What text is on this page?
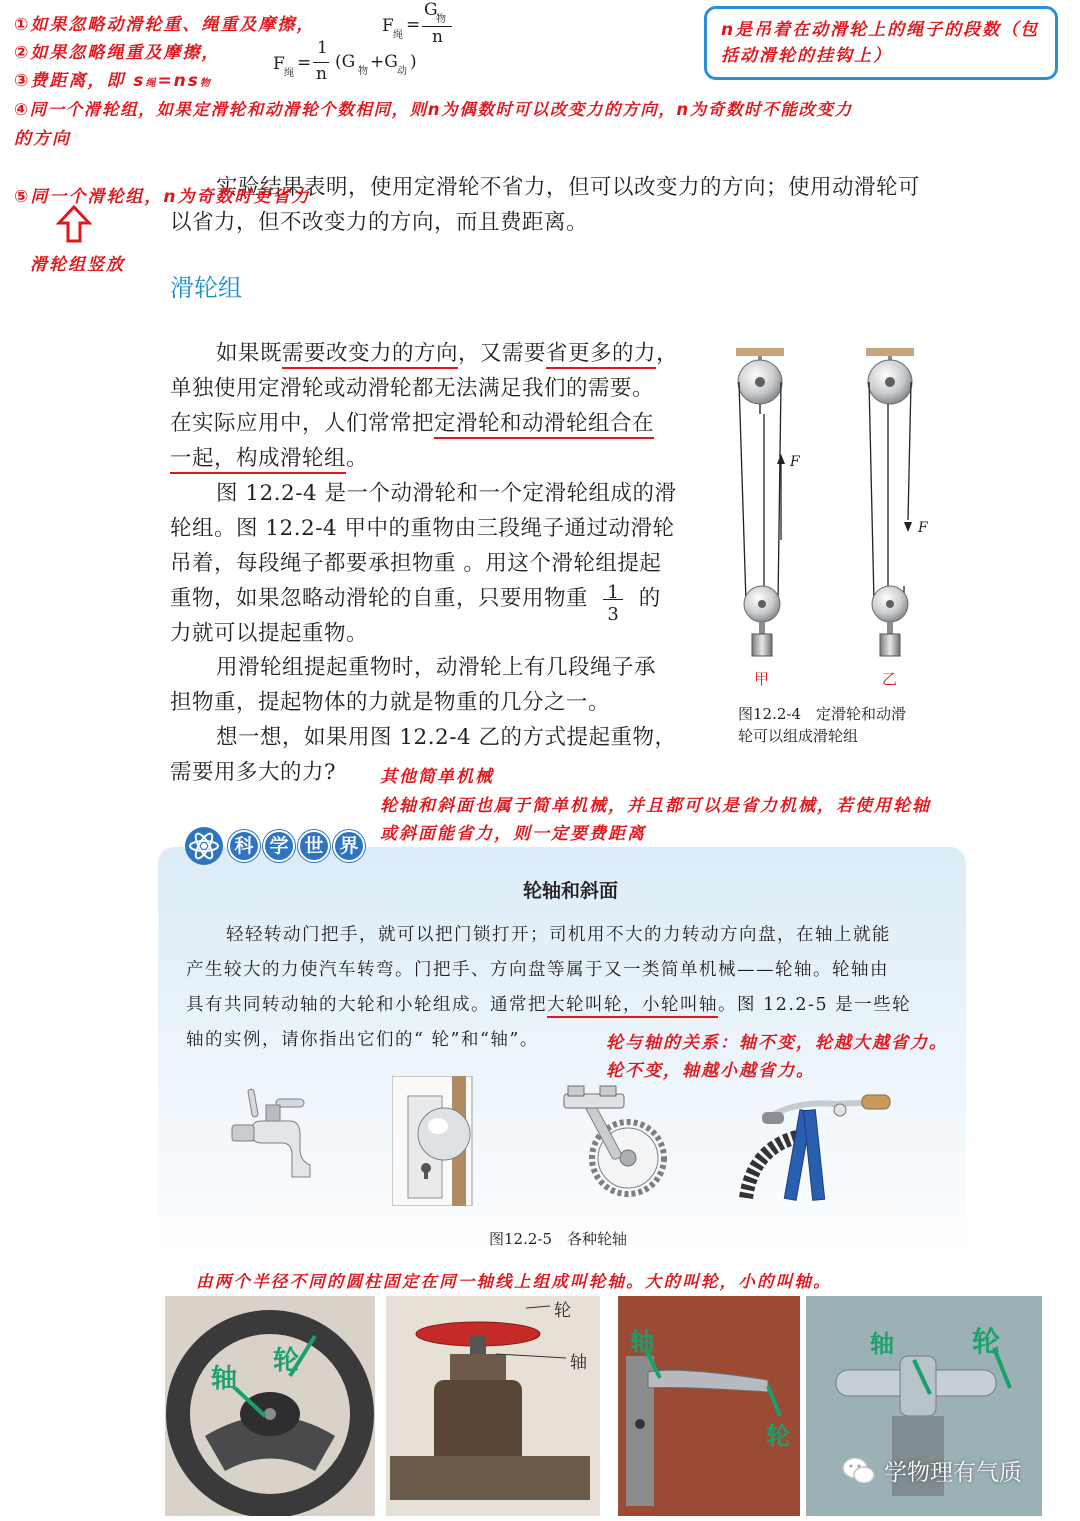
①如果忽略动滑轮重、绳重及摩擦，	F 绳
=
G
物
n
②如果忽略绳重及摩擦，
③费距离，即 s绳=ns物
F 绳
=
1
n
(G 物 +G 动 )
④同一个滑轮组，如果定滑轮和动滑轮个数相同，则n为偶数时可以改变力的方向，n为奇数时不能改变力
的方向
n是吊着在动滑轮上的绳子的段数（包括动滑轮的挂钩上）
实验结果表明，使用定滑轮不省力，但可以改变力的方向；使用动滑轮可
以省力，但不改变力的方向，而且费距离。
⑤同一个滑轮组，n为奇数时更省力
滑轮组竖放
滑轮组
如果既需要改变力的方向，又需要省更多的力，
单独使用定滑轮或动滑轮都无法满足我们的需要。
在实际应用中，人们常常把定滑轮和动滑轮组合在
一起，构成滑轮组。
图 12.2-4 是一个动滑轮和一个定滑轮组成的滑
轮组。图 12.2-4 甲中的重物由三段绳子通过动滑轮
吊着，每段绳子都要承担物重 。用这个滑轮组提起
重物，如果忽略动滑轮的自重，只要用物重 1
3
的
力就可以提起重物。
用滑轮组提起重物时，动滑轮上有几段绳子承
担物重，提起物体的力就是物重的几分之一。
想一想，如果用图 12.2-4 乙的方式提起重物，
需要用多大的力?
F
F
甲	乙
图12.2-4　定滑轮和动滑
轮可以组成滑轮组
其他简单机械
轮轴和斜面也属于简单机械，并且都可以是省力机械，若使用轮轴
或斜面能省力，则一定要费距离
科 学 世 界
轮轴和斜面
轻轻转动门把手，就可以把门锁打开；司机用不大的力转动方向盘，在轴上就能
产生较大的力使汽车转弯。门把手、方向盘等属于又一类简单机械——轮轴。轮轴由
具有共同转动轴的大轮和小轮组成。通常把大轮叫轮，小轮叫轴。图 12.2-5 是一些轮
轴的实例，请你指出它们的“ 轮”和“轴”。	轮与轴的关系：轴不变，轮越大越省力。
轮不变，轴越小越省力。
图12.2-5　各种轮轴
由两个半径不同的圆柱固定在同一轴线上组成叫轮轴。大的叫轮，小的叫轴。
轴
轮
轮
轴
轴
轮
轴	轮
学物理有气质
